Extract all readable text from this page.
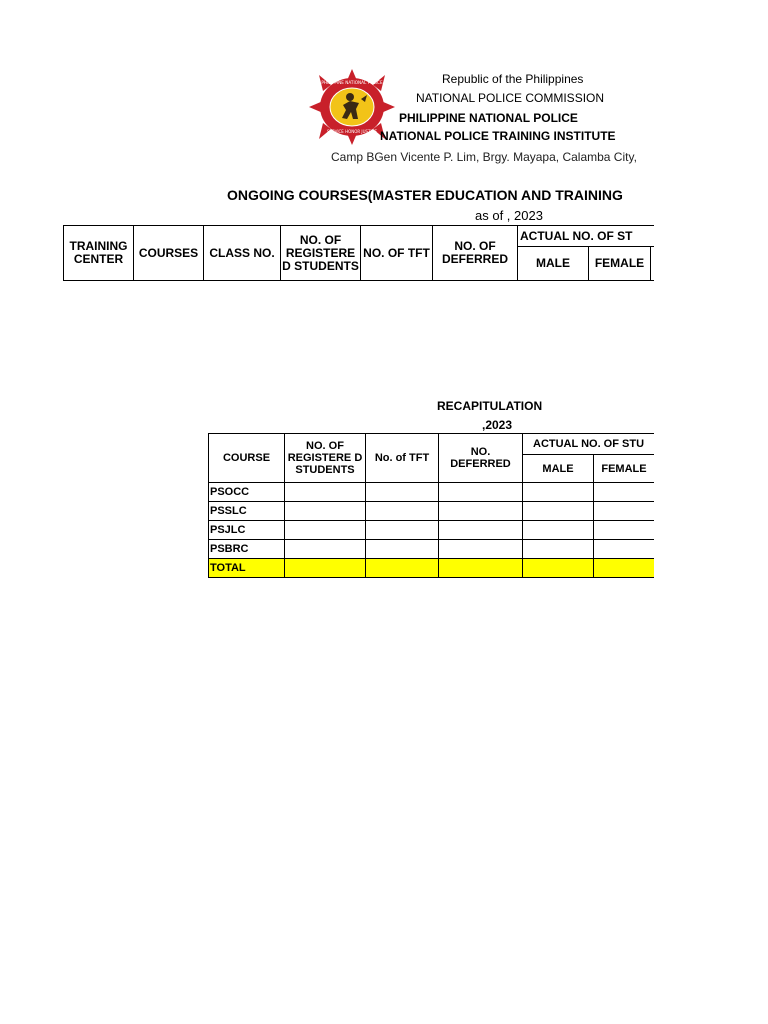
PHILIPPINE NATIONAL POLICE
SERVICE HONOR JUSTICE
Republic of the Philippines
NATIONAL POLICE COMMISSION
PHILIPPINE NATIONAL POLICE
NATIONAL POLICE TRAINING INSTITUTE
Camp BGen Vicente P. Lim, Brgy. Mayapa, Calamba City,
ONGOING COURSES(MASTER EDUCATION AND TRAINING
as of , 2023
TRAINING CENTER	COURSES	CLASS NO.	NO. OF REGISTERE D STUDENTS	NO. OF TFT	NO. OF DEFERRED	ACTUAL NO. OF ST		
						MALE	FEMALE	
RECAPITULATION
,2023
COURSE	NO. OF REGISTERE D STUDENTS	No. of TFT	NO. DEFERRED	ACTUAL NO. OF STU		
				MALE	FEMALE	
PSOCC						
PSSLC						
PSJLC						
PSBRC						
TOTAL						
